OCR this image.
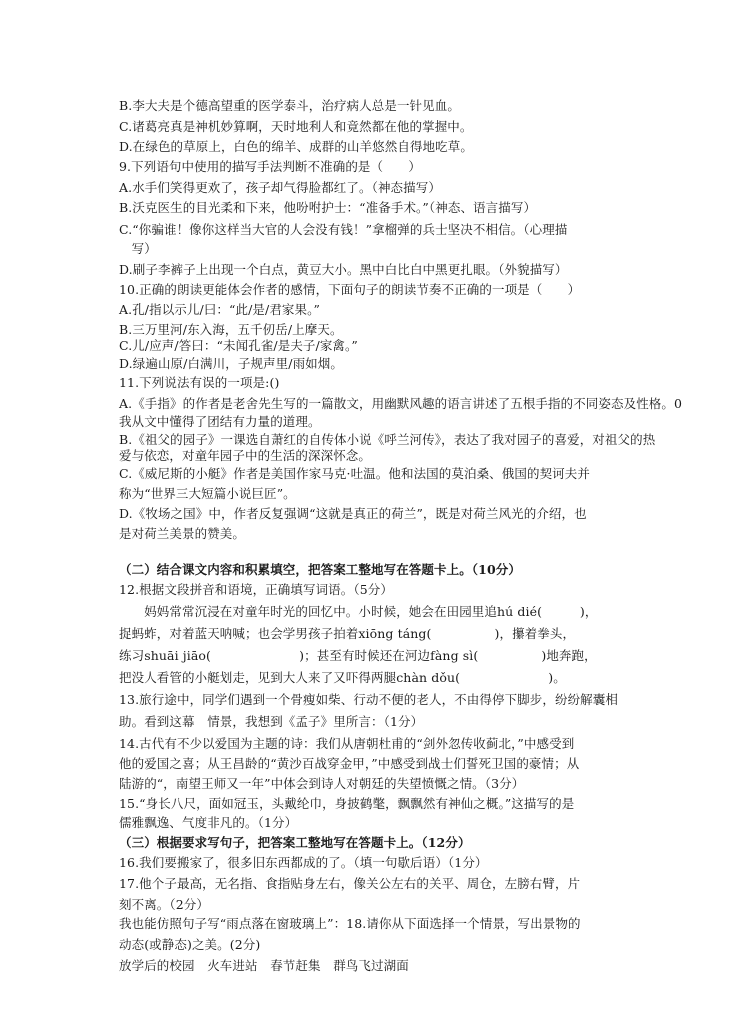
B.李大夫是个德高望重的医学泰斗，治疗病人总是一针见血。
C.诸葛亮真是神机妙算啊，天时地利人和竟然都在他的掌握中。
D.在绿色的草原上，白色的绵羊、成群的山羊悠然自得地吃草。
9.下列语句中使用的描写手法判断不准确的是（　　）
A.水手们笑得更欢了，孩子却气得脸都红了。（神态描写）
B.沃克医生的目光柔和下来，他吩咐护士：“准备手术。”（神态、语言描写）
C.“你骗谁！像你这样当大官的人会没有钱！”拿榴弹的兵士坚决不相信。（心理描
　写）
D.刷子李裤子上出现一个白点，黄豆大小。黑中白比白中黑更扎眼。（外貌描写）
10.正确的朗读更能体会作者的感情，下面句子的朗读节奏不正确的一项是（　　）
A.孔/指以示儿/曰：“此/是/君家果。”
B.三万里河/东入海，五千仞岳/上摩天。
C.儿/应声/答曰：“未闻孔雀/是夫子/家禽。”
D.绿遍山原/白满川，子规声里/雨如烟。
11.下列说法有误的一项是:()
A.《手指》的作者是老舍先生写的一篇散文，用幽默风趣的语言讲述了五根手指的不同姿态及性格。0
我从文中懂得了团结有力量的道理。
B.《祖父的园子》一课选自萧红的自传体小说《呼兰河传》，表达了我对园子的喜爱，对祖父的热
爱与依恋，对童年园子中的生活的深深怀念。
C.《威尼斯的小艇》作者是美国作家马克·吐温。他和法国的莫泊桑、俄国的契诃夫并
称为“世界三大短篇小说巨匠”。
D.《牧场之国》中，作者反复强调“这就是真正的荷兰”，既是对荷兰风光的介绍，也
是对荷兰美景的赞美。
（二）结合课文内容和积累填空，把答案工整地写在答题卡上。（10分）
12.根据文段拼音和语境，正确填写词语。（5分）
　　妈妈常常沉浸在对童年时光的回忆中。小时候，她会在田园里追hú dié(　　　)，
捉蚂蚱，对着蓝天呐喊；也会学男孩子拍着xiōng táng(　　　　　)，攥着拳头，
练习shuāi jiāo(　　　　　　　)；甚至有时候还在河边fàng sì(　　　　　)地奔跑，
把没人看管的小艇划走，见到大人来了又吓得两腿chàn dǒu(　　　　　　　)。
13.旅行途中，同学们遇到一个骨瘦如柴、行动不便的老人，不由得停下脚步，纷纷解囊相
助。看到这幕　情景，我想到《孟子》里所言：（1分）
14.古代有不少以爱国为主题的诗：我们从唐朝杜甫的“剑外忽传收蓟北，”中感受到
他的爱国之喜；从王昌龄的“黄沙百战穿金甲，”中感受到战士们誓死卫国的豪情；从
陆游的“，南望王师又一年”中体会到诗人对朝廷的失望愤慨之情。（3分）
15.“身长八尺，面如冠玉，头戴纶巾，身披鹤氅，飘飘然有神仙之概。”这描写的是
儒雅飘逸、气度非凡的。（1分）
（三）根据要求写句子，把答案工整地写在答题卡上。（12分）
16.我们要搬家了，很多旧东西都成的了。（填一句歇后语）（1分）
17.他个子最高，无名指、食指贴身左右，像关公左右的关平、周仓，左膀右臂，片
刻不离。（2分）
我也能仿照句子写“雨点落在窗玻璃上”：18.请你从下面选择一个情景，写出景物的
动态(或静态)之美。(2分)
放学后的校园　火车进站　春节赶集　群鸟飞过湖面
